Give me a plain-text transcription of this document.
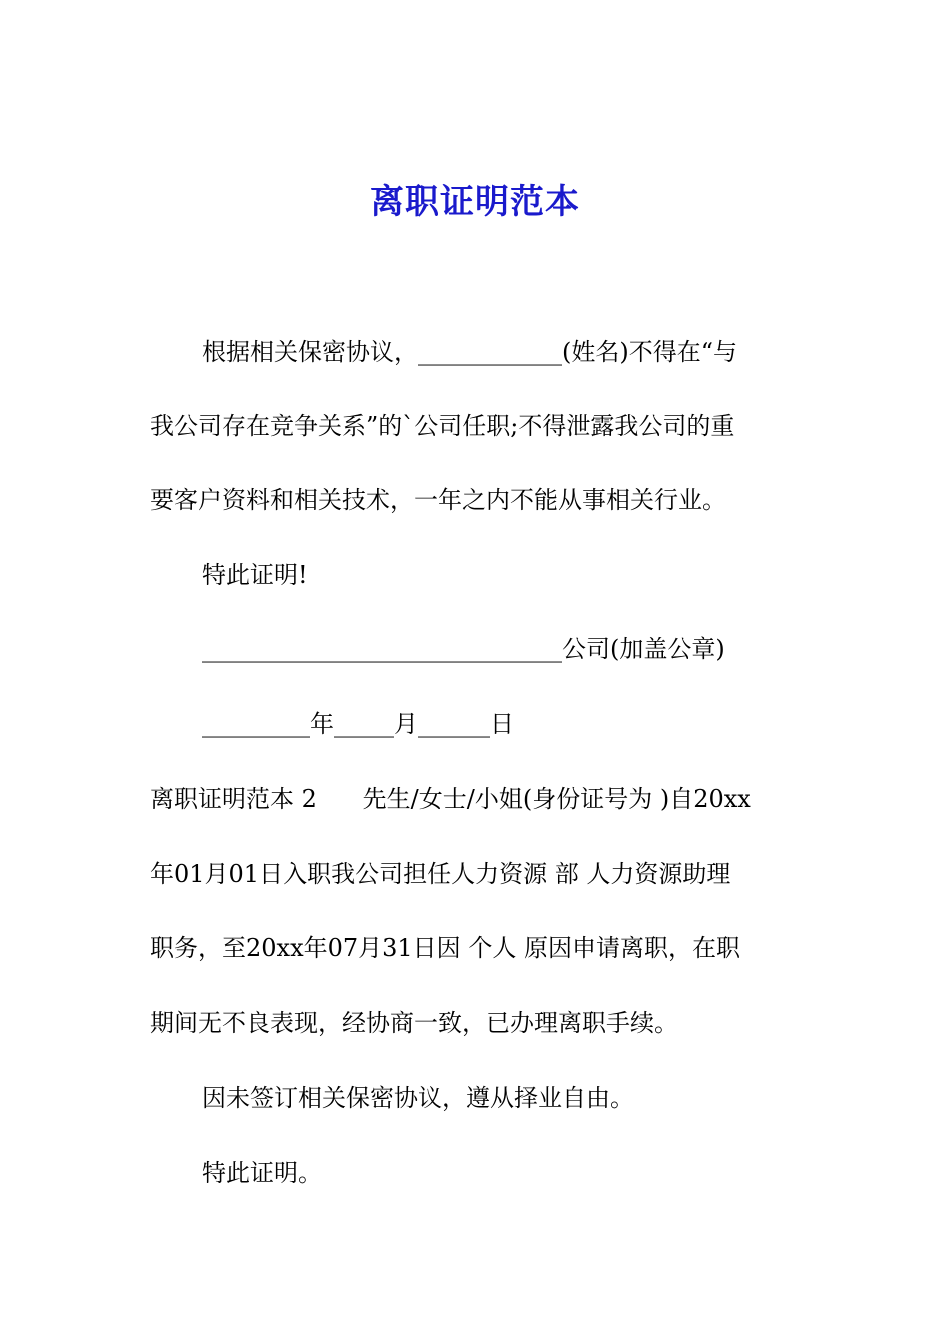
离职证明范本
根据相关保密协议，____________(姓名)不得在“与
我公司存在竞争关系”的`公司任职;不得泄露我公司的重
要客户资料和相关技术，一年之内不能从事相关行业。
特此证明!
______________________________公司(加盖公章)
_________年_____月______日
离职证明范本 2      先生/女士/小姐(身份证号为 )自20xx
年01月01日入职我公司担任人力资源 部 人力资源助理
职务，至20xx年07月31日因 个人 原因申请离职，在职
期间无不良表现，经协商一致，已办理离职手续。
因未签订相关保密协议，遵从择业自由。
特此证明。
